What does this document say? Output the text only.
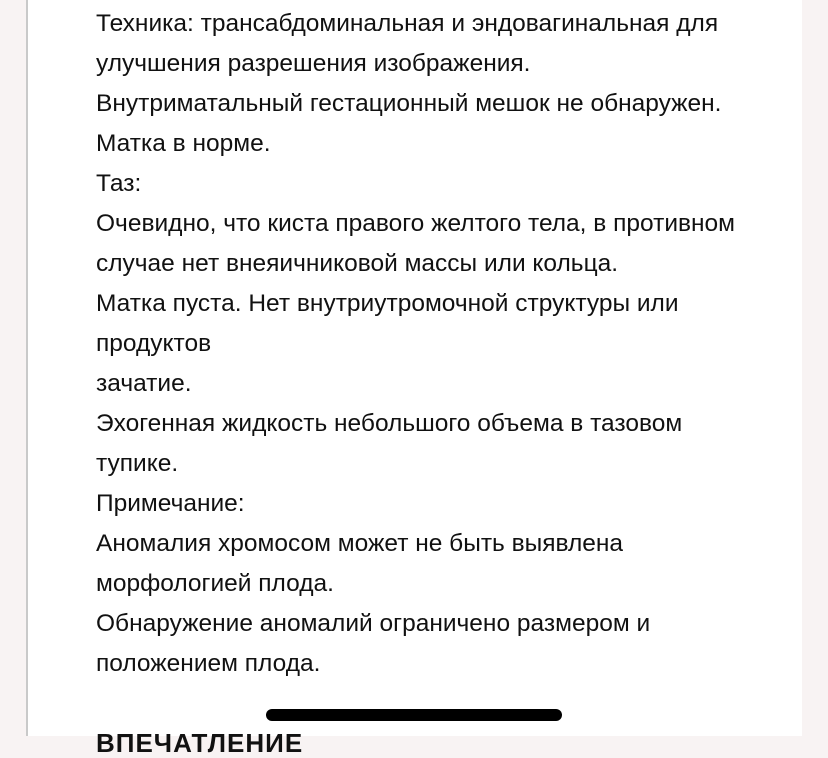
Техника: трансабдоминальная и эндовагинальная для
улучшения разрешения изображения.
Внутриматальный гестационный мешок не обнаружен.
Матка в норме.
Таз:
Очевидно, что киста правого желтого тела, в противном
случае нет внеяичниковой массы или кольца.
Матка пуста. Нет внутриутромочной структуры или
продуктов
зачатие.
Эхогенная жидкость небольшого объема в тазовом
тупике.
Примечание:
Аномалия хромосом может не быть выявлена
морфологией плода.
Обнаружение аномалий ограничено размером и
положением плода.
ВПЕЧАТЛЕНИЕ
